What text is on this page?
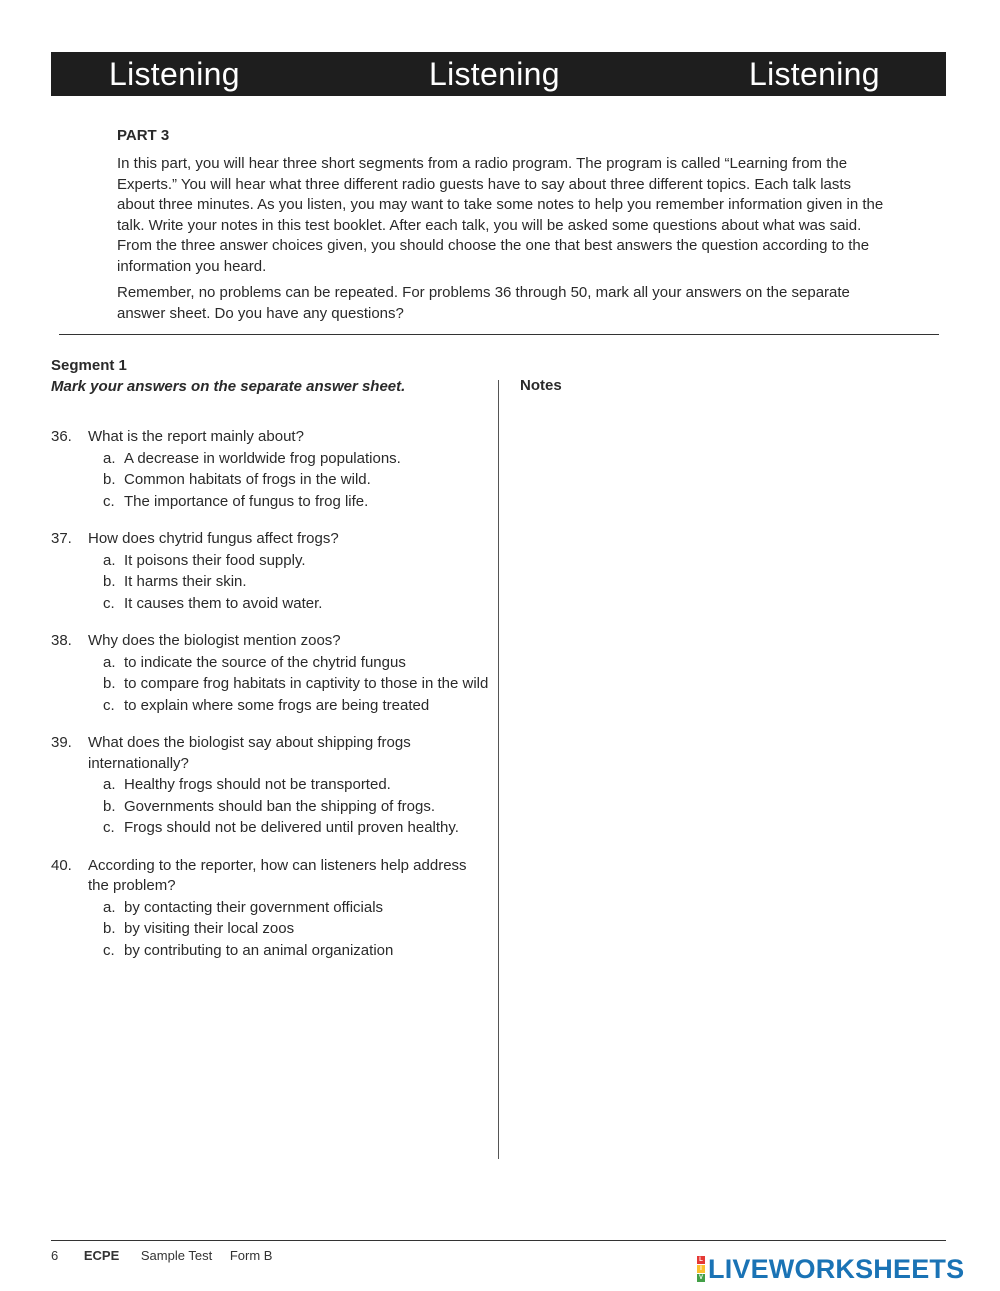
Listening	Listening	Listening
PART 3

In this part, you will hear three short segments from a radio program. The program is called “Learning from the Experts.” You will hear what three different radio guests have to say about three different topics. Each talk lasts about three minutes. As you listen, you may want to take some notes to help you remember information given in the talk. Write your notes in this test booklet. After each talk, you will be asked some questions about what was said. From the three answer choices given, you should choose the one that best answers the question according to the information you heard.

Remember, no problems can be repeated. For problems 36 through 50, mark all your answers on the separate answer sheet. Do you have any questions?

Segment 1
Mark your answers on the separate answer sheet.
36.	What is the report mainly about?
a. A decrease in worldwide frog populations.
b. Common habitats of frogs in the wild.
c. The importance of fungus to frog life.
37.	How does chytrid fungus affect frogs?
a. It poisons their food supply.
b. It harms their skin.
c. It causes them to avoid water.
38.	Why does the biologist mention zoos?
a. to indicate the source of the chytrid fungus
b. to compare frog habitats in captivity to those in the wild
c. to explain where some frogs are being treated
39.	What does the biologist say about shipping frogs internationally?
a. Healthy frogs should not be transported.
b. Governments should ban the shipping of frogs.
c. Frogs should not be delivered until proven healthy.
40.	According to the reporter, how can listeners help address the problem?
a. by contacting their government officials
b. by visiting their local zoos
c. by contributing to an animal organization
Notes
6 ECPE Sample Test Form B	L
I
V LIVEWORKSHEETS
